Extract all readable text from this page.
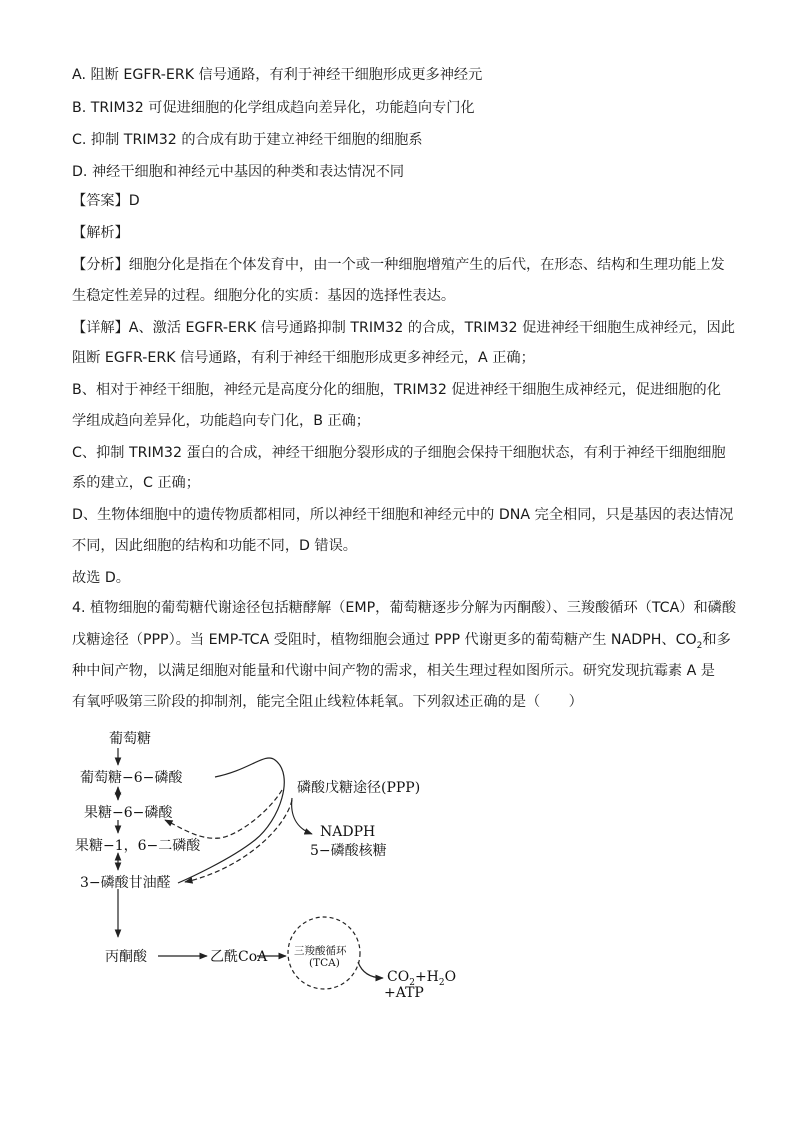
A. 阻断 EGFR-ERK 信号通路，有利于神经干细胞形成更多神经元
B. TRIM32 可促进细胞的化学组成趋向差异化，功能趋向专门化
C. 抑制 TRIM32 的合成有助于建立神经干细胞的细胞系
D. 神经干细胞和神经元中基因的种类和表达情况不同
【答案】D
【解析】
【分析】细胞分化是指在个体发育中，由一个或一种细胞增殖产生的后代，在形态、结构和生理功能上发
生稳定性差异的过程。细胞分化的实质：基因的选择性表达。
【详解】A、激活 EGFR-ERK 信号通路抑制 TRIM32 的合成，TRIM32 促进神经干细胞生成神经元，因此
阻断 EGFR-ERK 信号通路，有利于神经干细胞形成更多神经元，A 正确；
B、相对于神经干细胞，神经元是高度分化的细胞，TRIM32 促进神经干细胞生成神经元，促进细胞的化
学组成趋向差异化，功能趋向专门化，B 正确；
C、抑制 TRIM32 蛋白的合成，神经干细胞分裂形成的子细胞会保持干细胞状态，有利于神经干细胞细胞
系的建立，C 正确；
D、生物体细胞中的遗传物质都相同，所以神经干细胞和神经元中的 DNA 完全相同，只是基因的表达情况
不同，因此细胞的结构和功能不同，D 错误。
故选 D。
4. 植物细胞的葡萄糖代谢途径包括糖酵解（EMP，葡萄糖逐步分解为丙酮酸）、三羧酸循环（TCA）和磷酸
戊糖途径（PPP）。当 EMP-TCA 受阻时，植物细胞会通过 PPP 代谢更多的葡萄糖产生 NADPH、$CO_2$和多
种中间产物，以满足细胞对能量和代谢中间产物的需求，相关生理过程如图所示。研究发现抗霉素 A 是
有氧呼吸第三阶段的抑制剂，能完全阻止线粒体耗氧。下列叙述正确的是（　　）
葡萄糖
葡萄糖−6−磷酸
果糖−6−磷酸
果糖−1，6−二磷酸
3−磷酸甘油醛
丙酮酸	乙酰CoA
磷酸戊糖途径(PPP)
NADPH
5−磷酸核糖
三羧酸循环
(TCA)
$CO_2+H_2O$
+ATP
